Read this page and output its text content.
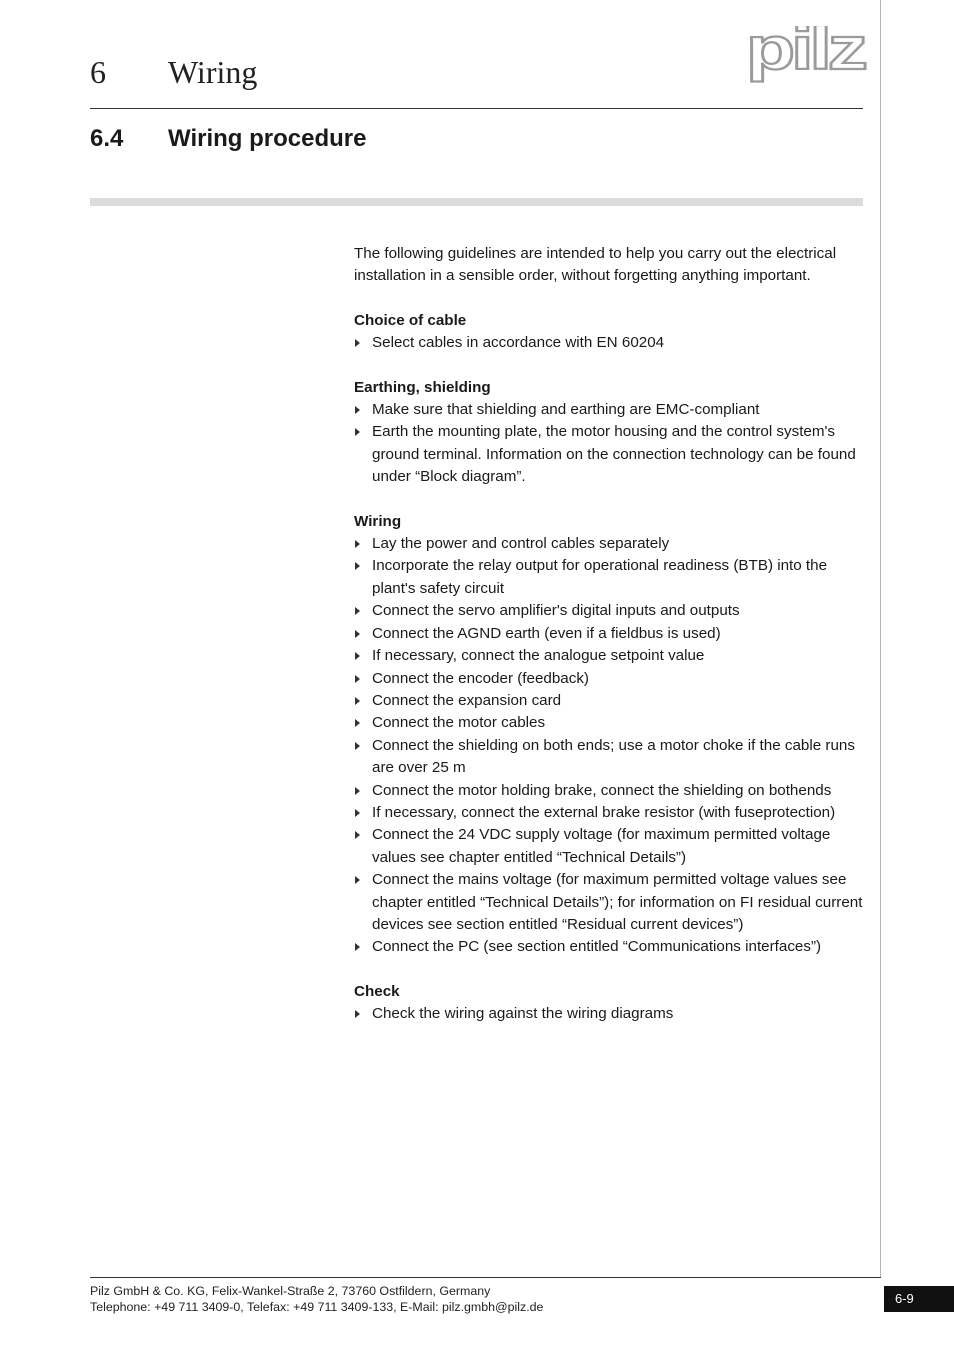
6 Wiring	pilz
6.4 Wiring procedure

The following guidelines are intended to help you carry out the electrical installation in a sensible order, without forgetting anything important.

Choice of cable
Select cables in accordance with EN 60204
Earthing, shielding
Make sure that shielding and earthing are EMC-compliant
Earth the mounting plate, the motor housing and the control system's ground terminal. Information on the connection technology can be found under “Block diagram”.
Wiring
Lay the power and control cables separately
Incorporate the relay output for operational readiness (BTB) into the plant's safety circuit
Connect the servo amplifier's digital inputs and outputs
Connect the AGND earth (even if a fieldbus is used)
If necessary, connect the analogue setpoint value
Connect the encoder (feedback)
Connect the expansion card
Connect the motor cables
Connect the shielding on both ends; use a motor choke if the cable runs are over 25 m
Connect the motor holding brake, connect the shielding on bothends
If necessary, connect the external brake resistor (with fuseprotection)
Connect the 24 VDC supply voltage (for maximum permitted voltage values see chapter entitled “Technical Details”)
Connect the mains voltage (for maximum permitted voltage values see chapter entitled “Technical Details”); for information on FI residual current devices see section entitled “Residual current devices”)
Connect the PC (see section entitled “Communications interfaces”)
Check
Check the wiring against the wiring diagrams
Pilz GmbH & Co. KG, Felix-Wankel-Straße 2, 73760 Ostfildern, Germany
Telephone: +49 711 3409-0, Telefax: +49 711 3409-133, E-Mail: pilz.gmbh@pilz.de
6-9
